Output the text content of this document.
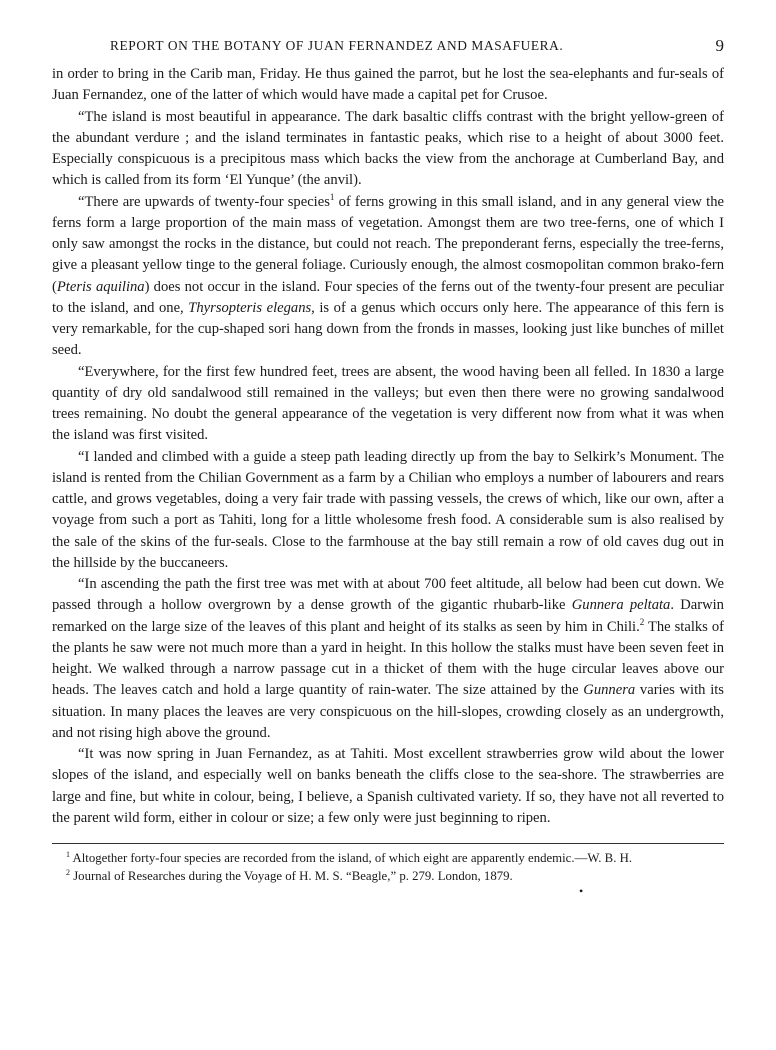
REPORT ON THE BOTANY OF JUAN FERNANDEZ AND MASAFUERA.	9

in order to bring in the Carib man, Friday. He thus gained the parrot, but he lost the sea-elephants and fur-seals of Juan Fernandez, one of the latter of which would have made a capital pet for Crusoe.

“The island is most beautiful in appearance. The dark basaltic cliffs contrast with the bright yellow-green of the abundant verdure ; and the island terminates in fantastic peaks, which rise to a height of about 3000 feet. Especially conspicuous is a precipitous mass which backs the view from the anchorage at Cumberland Bay, and which is called from its form ‘El Yunque’ (the anvil).

“There are upwards of twenty-four species$^1$ of ferns growing in this small island, and in any general view the ferns form a large proportion of the main mass of vegetation. Amongst them are two tree-ferns, one of which I only saw amongst the rocks in the distance, but could not reach. The preponderant ferns, especially the tree-ferns, give a pleasant yellow tinge to the general foliage. Curiously enough, the almost cosmopolitan common brako-fern (Pteris aquilina) does not occur in the island. Four species of the ferns out of the twenty-four present are peculiar to the island, and one, Thyrsopteris elegans, is of a genus which occurs only here. The appearance of this fern is very remarkable, for the cup-shaped sori hang down from the fronds in masses, looking just like bunches of millet seed.

“Everywhere, for the first few hundred feet, trees are absent, the wood having been all felled. In 1830 a large quantity of dry old sandalwood still remained in the valleys; but even then there were no growing sandalwood trees remaining. No doubt the general appearance of the vegetation is very different now from what it was when the island was first visited.

“I landed and climbed with a guide a steep path leading directly up from the bay to Selkirk’s Monument. The island is rented from the Chilian Government as a farm by a Chilian who employs a number of labourers and rears cattle, and grows vegetables, doing a very fair trade with passing vessels, the crews of which, like our own, after a voyage from such a port as Tahiti, long for a little wholesome fresh food. A considerable sum is also realised by the sale of the skins of the fur-seals. Close to the farmhouse at the bay still remain a row of old caves dug out in the hillside by the buccaneers.

“In ascending the path the first tree was met with at about 700 feet altitude, all below had been cut down. We passed through a hollow overgrown by a dense growth of the gigantic rhubarb-like Gunnera peltata. Darwin remarked on the large size of the leaves of this plant and height of its stalks as seen by him in Chili.$^2$ The stalks of the plants he saw were not much more than a yard in height. In this hollow the stalks must have been seven feet in height. We walked through a narrow passage cut in a thicket of them with the huge circular leaves above our heads. The leaves catch and hold a large quantity of rain-water. The size attained by the Gunnera varies with its situation. In many places the leaves are very conspicuous on the hill-slopes, crowding closely as an undergrowth, and not rising high above the ground.

“It was now spring in Juan Fernandez, as at Tahiti. Most excellent strawberries grow wild about the lower slopes of the island, and especially well on banks beneath the cliffs close to the sea-shore. The strawberries are large and fine, but white in colour, being, I believe, a Spanish cultivated variety. If so, they have not all reverted to the parent wild form, either in colour or size; a few only were just beginning to ripen.

$^1$ Altogether forty-four species are recorded from the island, of which eight are apparently endemic.—W. B. H.
$^2$ Journal of Researches during the Voyage of H. M. S. “Beagle,” p. 279. London, 1879.
•
